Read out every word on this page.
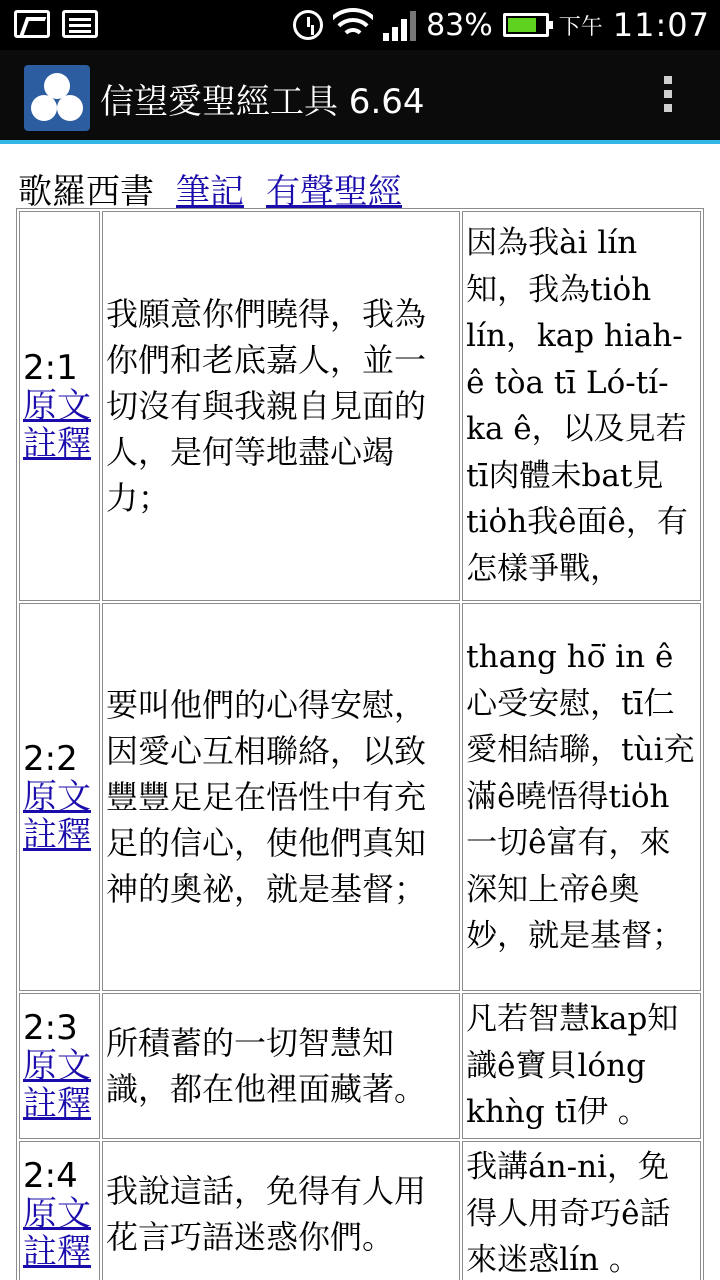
83%	下午 11:07
信望愛聖經工具 6.64
歌羅西書 筆記 有聲聖經
2:1
原文
註釋	我願意你們曉得，我為你們和老底嘉人，並一切沒有與我親自見面的人，是何等地盡心竭力；	因為我ài lín知，我為tio̍h lín，kap hiah-ê tòa tī Ló-tí-ka ê，以及見若tī肉體未bat見tio̍h我ê面ê，有怎樣爭戰，

2:2
原文
註釋	要叫他們的心得安慰，因愛心互相聯絡，以致豐豐足足在悟性中有充足的信心，使他們真知神的奧祕，就是基督；	thang hō͘ in ê心受安慰，tī仁愛相結聯，tùi充滿ê曉悟得tio̍h一切ê富有，來深知上帝ê奧妙，就是基督；

2:3
原文
註釋	所積蓄的一切智慧知識，都在他裡面藏著。	凡若智慧kap知識ê寶貝lóng khǹg tī伊 。

2:4
原文
註釋	我說這話，免得有人用花言巧語迷惑你們。	我講án-ni，免得人用奇巧ê話來迷惑lín 。
